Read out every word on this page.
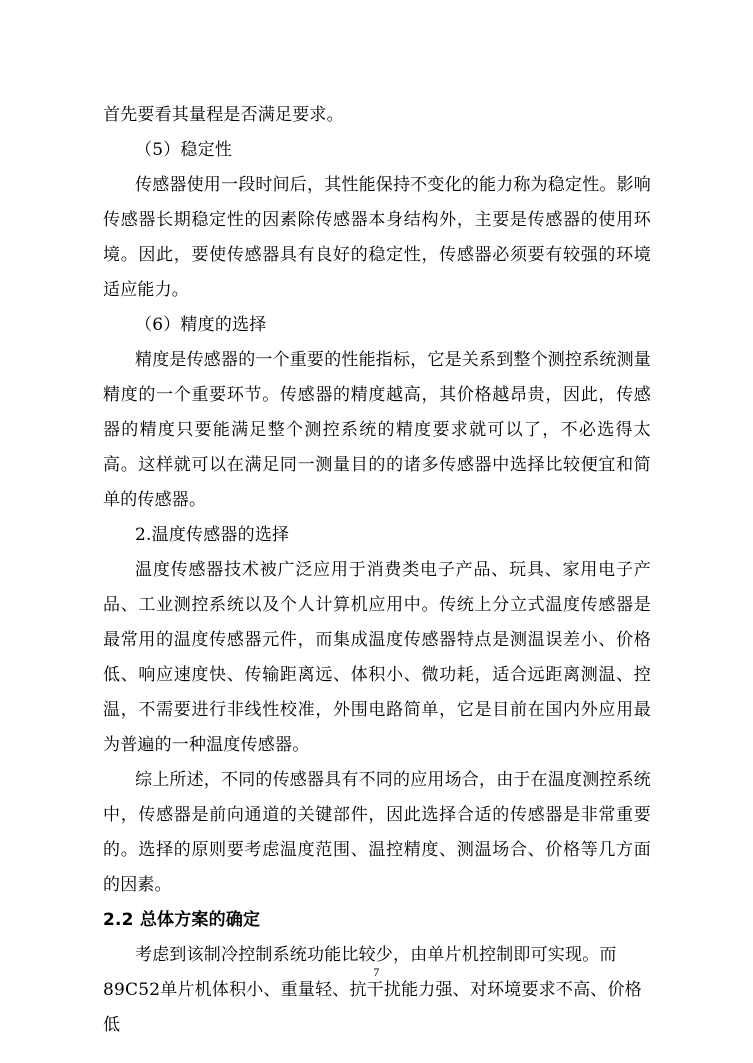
首先要看其量程是否满足要求。

（5）稳定性

传感器使用一段时间后，其性能保持不变化的能力称为稳定性。影响传感器长期稳定性的因素除传感器本身结构外，主要是传感器的使用环境。因此，要使传感器具有良好的稳定性，传感器必须要有较强的环境适应能力。

（6）精度的选择

精度是传感器的一个重要的性能指标，它是关系到整个测控系统测量精度的一个重要环节。传感器的精度越高，其价格越昂贵，因此，传感器的精度只要能满足整个测控系统的精度要求就可以了，不必选得太高。这样就可以在满足同一测量目的的诸多传感器中选择比较便宜和简单的传感器。

2.温度传感器的选择

温度传感器技术被广泛应用于消费类电子产品、玩具、家用电子产品、工业测控系统以及个人计算机应用中。传统上分立式温度传感器是最常用的温度传感器元件，而集成温度传感器特点是测温误差小、价格低、响应速度快、传输距离远、体积小、微功耗，适合远距离测温、控温，不需要进行非线性校准，外围电路简单，它是目前在国内外应用最为普遍的一种温度传感器。

综上所述，不同的传感器具有不同的应用场合，由于在温度测控系统中，传感器是前向通道的关键部件，因此选择合适的传感器是非常重要的。选择的原则要考虑温度范围、温控精度、测温场合、价格等几方面的因素。

2.2 总体方案的确定

考虑到该制冷控制系统功能比较少，由单片机控制即可实现。而89C52单片机体积小、重量轻、抗干扰能力强、对环境要求不高、价格低

7
